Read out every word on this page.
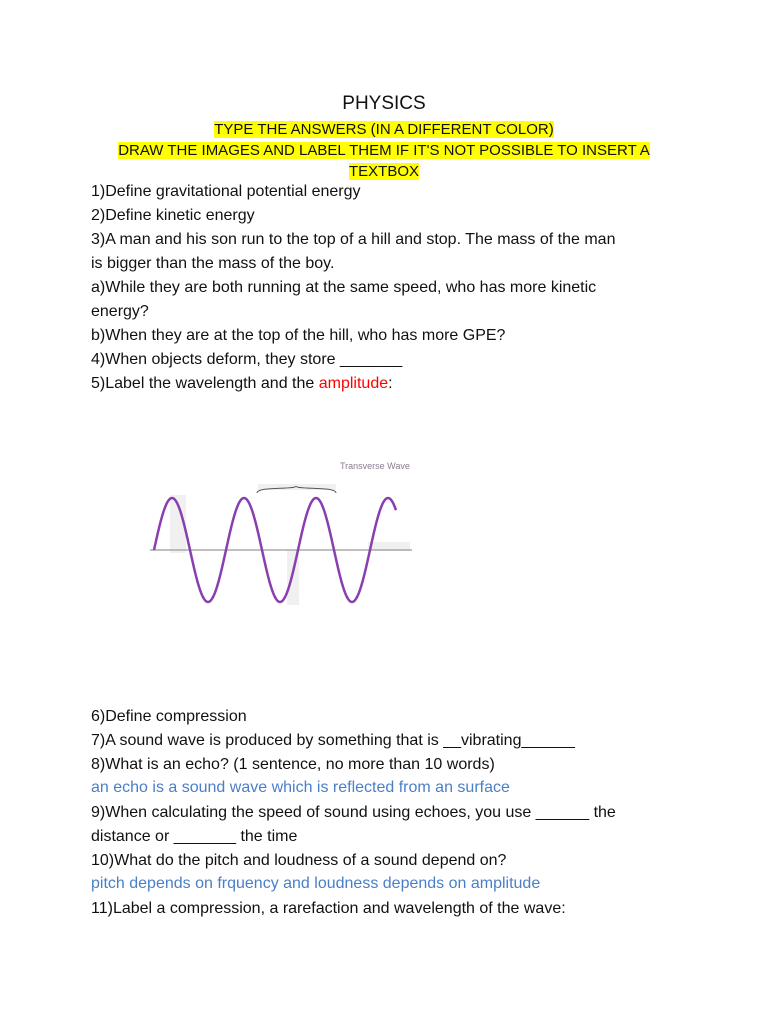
PHYSICS
TYPE THE ANSWERS (IN A DIFFERENT COLOR)
DRAW THE IMAGES AND LABEL THEM IF IT'S NOT POSSIBLE TO INSERT A
TEXTBOX
1)Define gravitational potential energy
2)Define kinetic energy
3)A man and his son run to the top of a hill and stop. The mass of the man
is bigger than the mass of the boy.
a)While they are both running at the same speed, who has more kinetic
energy?
b)When they are at the top of the hill, who has more GPE?
4)When objects deform, they store _______
5)Label the wavelength and the amplitude:
Transverse Wave
6)Define compression
7)A sound wave is produced by something that is __vibrating______
8)What is an echo? (1 sentence, no more than 10 words)
an echo is a sound wave which is reflected from an surface
9)When calculating the speed of sound using echoes, you use ______ the
distance or _______ the time
10)What do the pitch and loudness of a sound depend on?
pitch depends on frquency and loudness depends on amplitude
11)Label a compression, a rarefaction and wavelength of the wave:
